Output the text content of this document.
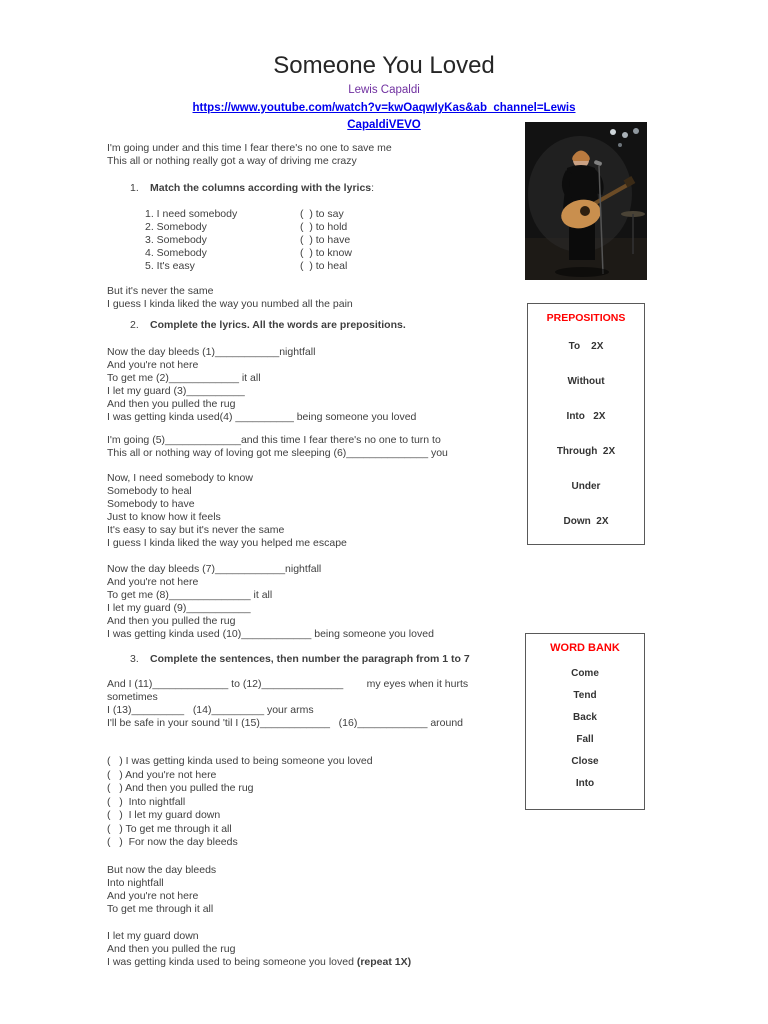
Someone You Loved
Lewis Capaldi
https://www.youtube.com/watch?v=kwOaqwIyKas&ab_channel=Lewis
CapaldiVEVO
I'm going under and this time I fear there's no one to save me
This all or nothing really got a way of driving me crazy
1. Match the columns according with the lyrics:
1. I need somebody	(  ) to say
2. Somebody	(  ) to hold
3. Somebody	(  ) to have
4. Somebody	(  ) to know
5. It's easy	(  ) to heal
But it's never the same
I guess I kinda liked the way you numbed all the pain
2. Complete the lyrics. All the words are prepositions.
Now the day bleeds (1)___________nightfall
And you're not here
To get me (2)____________ it all
I let my guard (3)__________
And then you pulled the rug
I was getting kinda used(4) __________ being someone you loved
I'm going (5)_____________and this time I fear there's no one to turn to
This all or nothing way of loving got me sleeping (6)______________ you
Now, I need somebody to know
Somebody to heal
Somebody to have
Just to know how it feels
It's easy to say but it's never the same
I guess I kinda liked the way you helped me escape
Now the day bleeds (7)____________nightfall
And you're not here
To get me (8)______________ it all
I let my guard (9)___________
And then you pulled the rug
I was getting kinda used (10)____________ being someone you loved
3. Complete the sentences, then number the paragraph from 1 to 7
And I (11)_____________ to (12)______________        my eyes when it hurts
sometimes
I (13)_________   (14)_________ your arms
I'll be safe in your sound 'til I (15)____________   (16)____________ around
(   ) I was getting kinda used to being someone you loved
(   ) And you're not here
(   ) And then you pulled the rug
(   )  Into nightfall
(   )  I let my guard down
(   ) To get me through it all
(   )  For now the day bleeds
But now the day bleeds
Into nightfall
And you're not here
To get me through it all
I let my guard down
And then you pulled the rug
I was getting kinda used to being someone you loved (repeat 1X)
PREPOSITIONS
To    2X
Without
Into   2X
Through  2X
Under
Down  2X
WORD BANK
Come
Tend
Back
Fall
Close
Into
